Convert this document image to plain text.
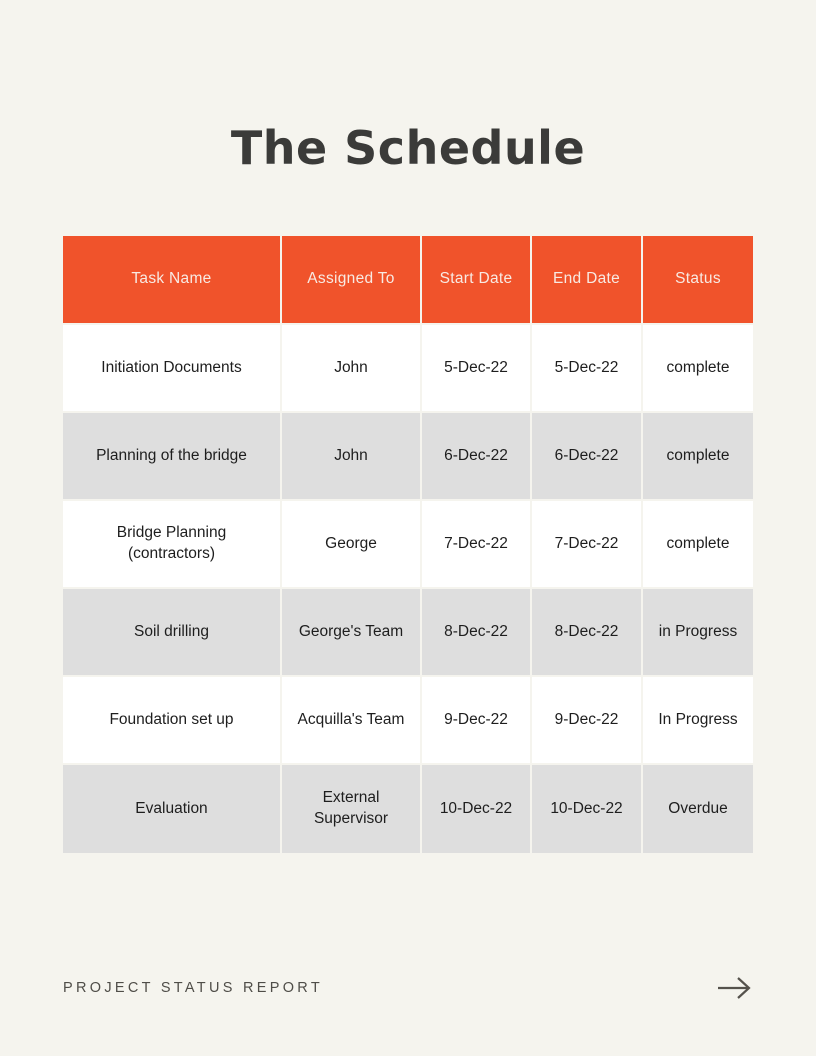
The Schedule
Task Name	Assigned To	Start Date	End Date	Status
Initiation Documents	John	5-Dec-22	5-Dec-22	complete
Planning of the bridge	John	6-Dec-22	6-Dec-22	complete
Bridge Planning (contractors)	George	7-Dec-22	7-Dec-22	complete
Soil drilling	George's Team	8-Dec-22	8-Dec-22	in Progress
Foundation set up	Acquilla's Team	9-Dec-22	9-Dec-22	In Progress
Evaluation	External Supervisor	10-Dec-22	10-Dec-22	Overdue
PROJECT STATUS REPORT
